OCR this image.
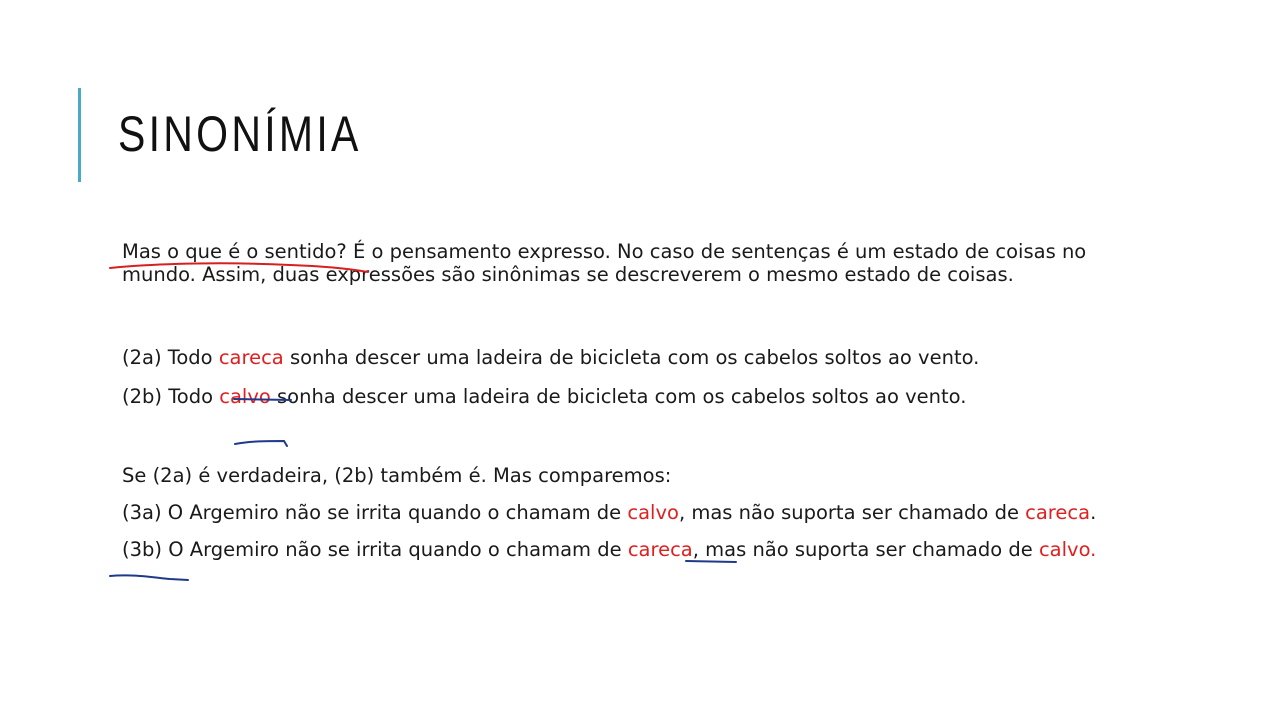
SINONÍMIA

Mas o que é o sentido? É o pensamento expresso. No caso de sentenças é um estado de coisas no mundo. Assim, duas expressões são sinônimas se descreverem o mesmo estado de coisas.

(2a) Todo careca sonha descer uma ladeira de bicicleta com os cabelos soltos ao vento.

(2b) Todo calvo sonha descer uma ladeira de bicicleta com os cabelos soltos ao vento.

Se (2a) é verdadeira, (2b) também é. Mas comparemos:

(3a) O Argemiro não se irrita quando o chamam de calvo, mas não suporta ser chamado de careca.

(3b) O Argemiro não se irrita quando o chamam de careca, mas não suporta ser chamado de calvo.
